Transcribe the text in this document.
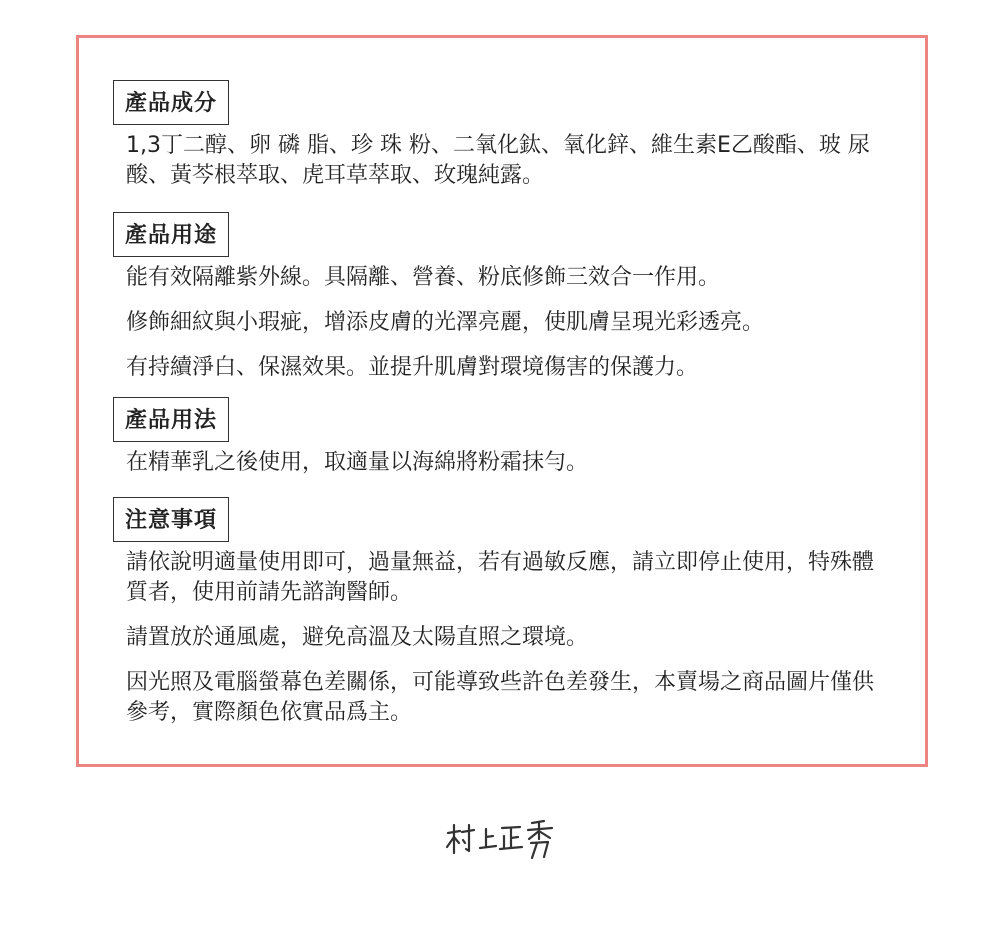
產品成分
1,3丁二醇、卵 磷 脂、珍 珠 粉、二氧化鈦、氧化鋅、維生素E乙酸酯、玻 尿 酸、黃芩根萃取、虎耳草萃取、玫瑰純露。
產品用途
能有效隔離紫外線。具隔離、營養、粉底修飾三效合一作用。
修飾細紋與小瑕疵，增添皮膚的光澤亮麗，使肌膚呈現光彩透亮。
有持續淨白、保濕效果。並提升肌膚對環境傷害的保護力。
產品用法
在精華乳之後使用，取適量以海綿將粉霜抹勻。
注意事項
請依說明適量使用即可，過量無益，若有過敏反應，請立即停止使用，特殊體質者，使用前請先諮詢醫師。
請置放於通風處，避免高溫及太陽直照之環境。
因光照及電腦螢幕色差關係，可能導致些許色差發生，本賣場之商品圖片僅供參考，實際顏色依實品爲主。
